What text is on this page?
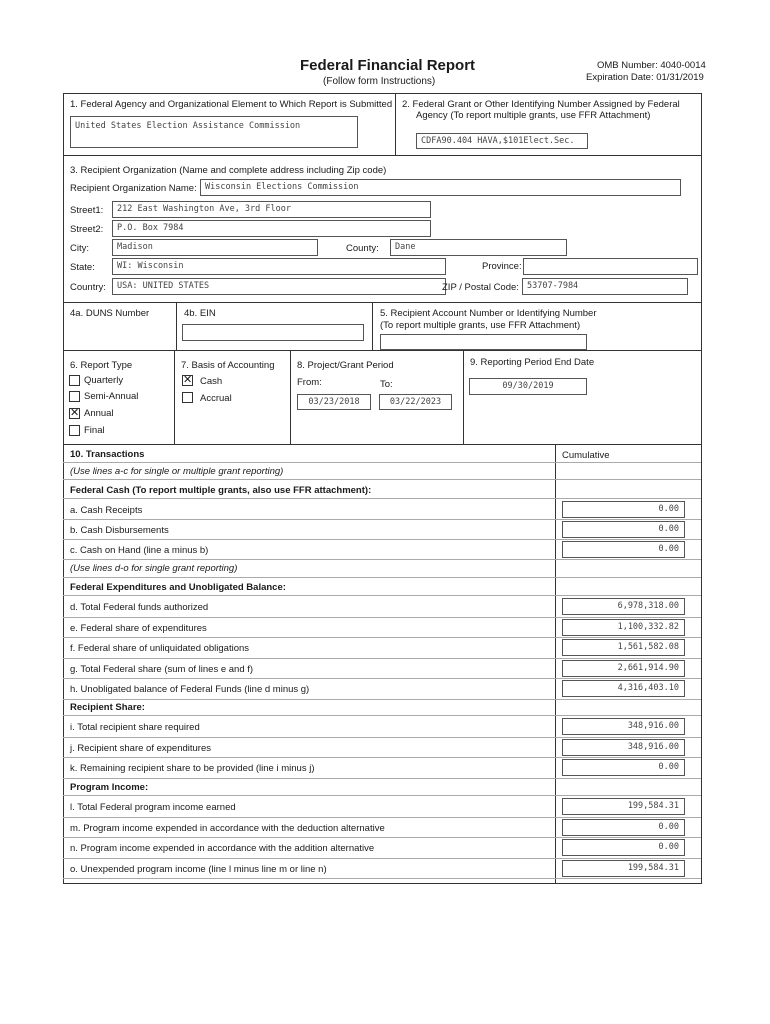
Federal Financial Report
(Follow form Instructions)
OMB Number: 4040-0014
Expiration Date: 01/31/2019
1. Federal Agency and Organizational Element to Which Report is Submitted
United States Election Assistance Commission
2. Federal Grant or Other Identifying Number Assigned by Federal
Agency (To report multiple grants, use FFR Attachment)
CDFA90.404 HAVA,$101Elect.Sec.
3. Recipient Organization (Name and complete address including Zip code)
Recipient Organization Name: Wisconsin Elections Commission
Street1:	212 East Washington Ave, 3rd Floor
Street2:	P.O. Box 7984
City:	Madison	County:	Dane
State:	WI: Wisconsin	Province:
Country:	USA: UNITED STATES	ZIP / Postal Code: 53707-7984
4a. DUNS Number	4b. EIN	5. Recipient Account Number or Identifying Number
(To report multiple grants, use FFR Attachment)
6. Report Type
Quarterly
Semi-Annual
✕ Annual
Final
7. Basis of Accounting
✕ Cash
Accrual
8. Project/Grant Period
From:	To:
03/23/2018	03/22/2023
9. Reporting Period End Date
09/30/2019
10. Transactions	Cumulative
(Use lines a-c for single or multiple grant reporting)
Federal Cash (To report multiple grants, also use FFR attachment):
a. Cash Receipts	0.00
b. Cash Disbursements	0.00
c. Cash on Hand (line a minus b)	0.00
(Use lines d-o for single grant reporting)
Federal Expenditures and Unobligated Balance:
d. Total Federal funds authorized	6,978,318.00
e. Federal share of expenditures	1,100,332.82
f. Federal share of unliquidated obligations	1,561,582.08
g. Total Federal share (sum of lines e and f)	2,661,914.90
h. Unobligated balance of Federal Funds (line d minus g)	4,316,403.10
Recipient Share:
i. Total recipient share required	348,916.00
j. Recipient share of expenditures	348,916.00
k. Remaining recipient share to be provided (line i minus j)	0.00
Program Income:
l. Total Federal program income earned	199,584.31
m. Program income expended in accordance with the deduction alternative	0.00
n. Program income expended in accordance with the addition alternative	0.00
o. Unexpended program income (line l minus line m or line n)	199,584.31
